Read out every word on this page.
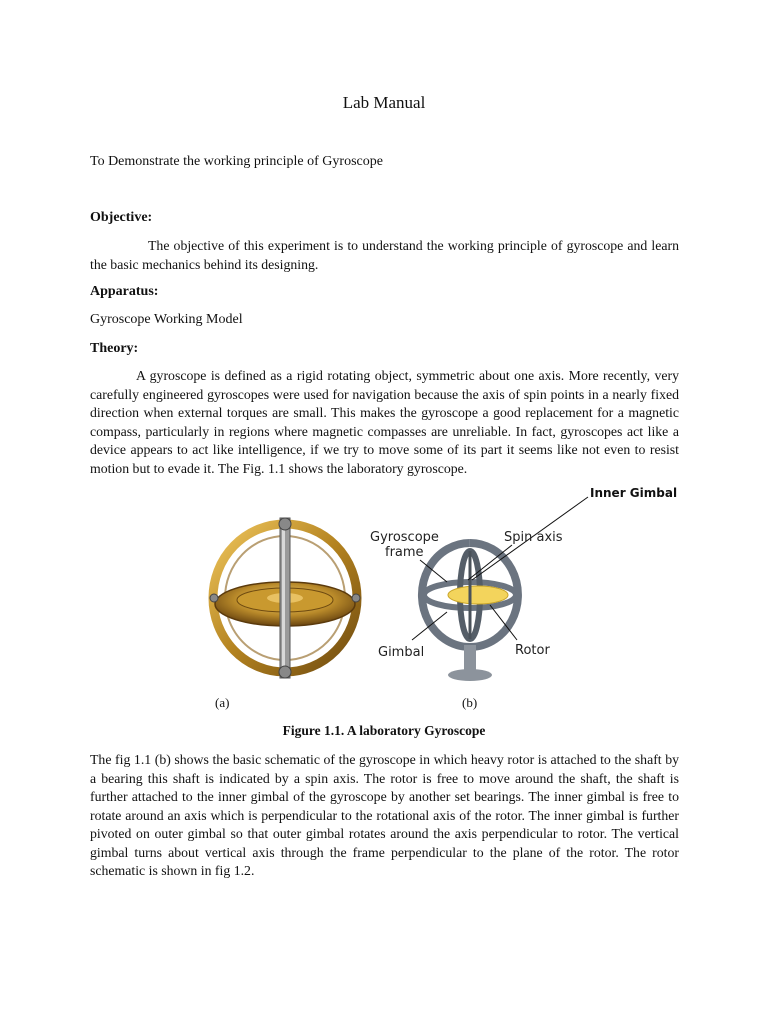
Lab Manual
To Demonstrate the working principle of Gyroscope
Objective:

The objective of this experiment is to understand the working principle of gyroscope and learn the basic mechanics behind its designing.

Apparatus:
Gyroscope Working Model
Theory:

A gyroscope is defined as a rigid rotating object, symmetric about one axis. More recently, very carefully engineered gyroscopes were used for navigation because the axis of spin points in a nearly fixed direction when external torques are small. This makes the gyroscope a good replacement for a magnetic compass, particularly in regions where magnetic compasses are unreliable. In fact, gyroscopes act like a device appears to act like intelligence, if we try to move some of its part it seems like not even to resist motion but to evade it. The Fig. 1.1 shows the laboratory gyroscope.

Inner Gimbal
Gyroscope
frame
Spin axis
Gimbal	Rotor
(a)	(b)
Figure 1.1. A laboratory Gyroscope

The fig 1.1 (b) shows the basic schematic of the gyroscope in which heavy rotor is attached to the shaft by a bearing this shaft is indicated by a spin axis. The rotor is free to move around the shaft, the shaft is further attached to the inner gimbal of the gyroscope by another set bearings. The inner gimbal is free to rotate around an axis which is perpendicular to the rotational axis of the rotor. The inner gimbal is further pivoted on outer gimbal so that outer gimbal rotates around the axis perpendicular to rotor. The vertical gimbal turns about vertical axis through the frame perpendicular to the plane of the rotor. The rotor schematic is shown in fig 1.2.
